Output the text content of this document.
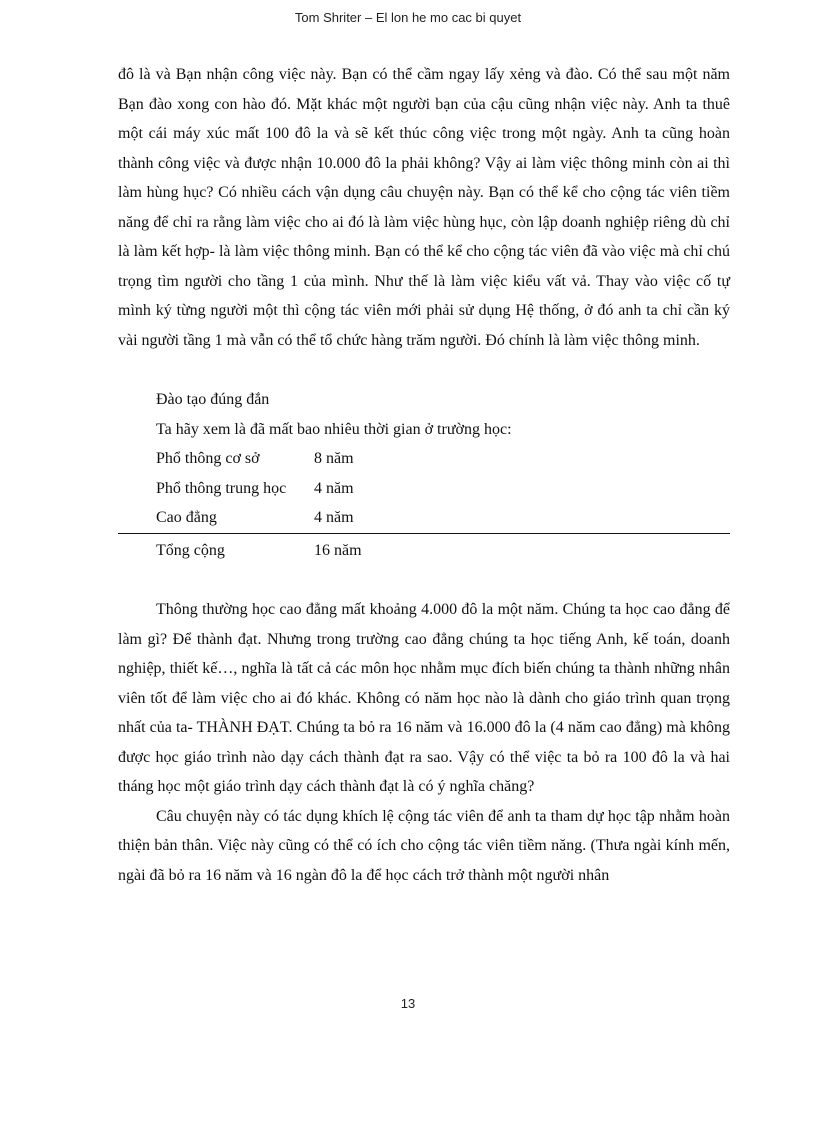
Tom Shriter – El lon he mo cac bi quyet

đô là và Bạn nhận công việc này. Bạn có thể cầm ngay lấy xẻng và đào. Có thể sau một năm Bạn đào xong con hào đó. Mặt khác một người bạn của cậu cũng nhận việc này. Anh ta thuê một cái máy xúc mất 100 đô la và sẽ kết thúc công việc trong một ngày. Anh ta cũng hoàn thành công việc và được nhận 10.000 đô la phải không? Vậy ai làm việc thông minh còn ai thì làm hùng hục? Có nhiều cách vận dụng câu chuyện này. Bạn có thể kể cho cộng tác viên tiềm năng để chỉ ra rằng làm việc cho ai đó là làm việc hùng hục, còn lập doanh nghiệp riêng dù chỉ là làm kết hợp- là làm việc thông minh. Bạn có thể kể cho cộng tác viên đã vào việc mà chỉ chú trọng tìm người cho tầng 1 của mình. Như thế là làm việc kiểu vất vả. Thay vào việc cố tự mình ký từng người một thì cộng tác viên mới phải sử dụng Hệ thống, ở đó anh ta chỉ cần ký vài người tầng 1 mà vẫn có thể tổ chức hàng trăm người. Đó chính là làm việc thông minh.

Đào tạo đúng đắn

Ta hãy xem là đã mất bao nhiêu thời gian ở trường học:

Phổ thông cơ sở	8 năm
Phổ thông trung học	4 năm
Cao đẳng	4 năm
Tổng cộng	16 năm

Thông thường học cao đẳng mất khoảng 4.000 đô la một năm. Chúng ta học cao đẳng để làm gì? Để thành đạt. Nhưng trong trường cao đẳng chúng ta học tiếng Anh, kế toán, doanh nghiệp, thiết kế…, nghĩa là tất cả các môn học nhằm mục đích biến chúng ta thành những nhân viên tốt để làm việc cho ai đó khác. Không có năm học nào là dành cho giáo trình quan trọng nhất của ta- THÀNH ĐẠT. Chúng ta bỏ ra 16 năm và 16.000 đô la (4 năm cao đẳng) mà không được học giáo trình nào dạy cách thành đạt ra sao. Vậy có thể việc ta bỏ ra 100 đô la và hai tháng học một giáo trình dạy cách thành đạt là có ý nghĩa chăng?

Câu chuyện này có tác dụng khích lệ cộng tác viên để anh ta tham dự học tập nhằm hoàn thiện bản thân. Việc này cũng có thể có ích cho cộng tác viên tiềm năng. (Thưa ngài kính mến, ngài đã bỏ ra 16 năm và 16 ngàn đô la để học cách trở thành một người nhân

13
